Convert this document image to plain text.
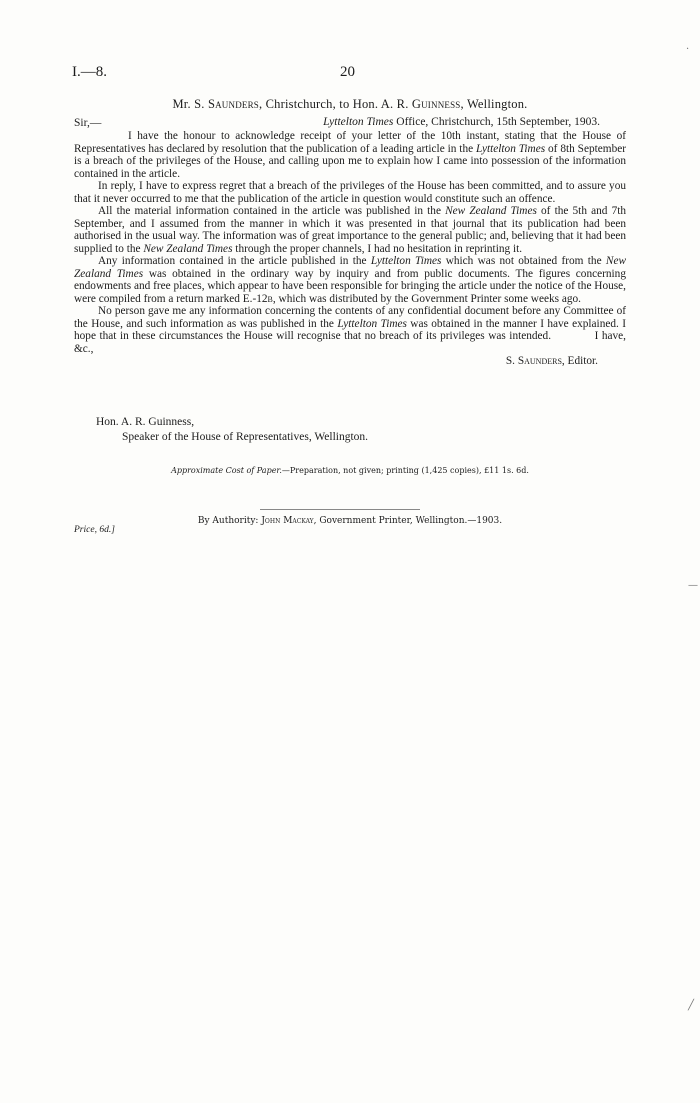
I.—8.	20
Mr. S. Saunders, Christchurch, to Hon. A. R. Guinness, Wellington.
Sir,—	Lyttelton Times Office, Christchurch, 15th September, 1903.

I have the honour to acknowledge receipt of your letter of the 10th instant, stating that the House of Representatives has declared by resolution that the publication of a leading article in the Lyttelton Times of 8th September is a breach of the privileges of the House, and calling upon me to explain how I came into possession of the information contained in the article.

In reply, I have to express regret that a breach of the privileges of the House has been committed, and to assure you that it never occurred to me that the publication of the article in question would constitute such an offence.

All the material information contained in the article was published in the New Zealand Times of the 5th and 7th September, and I assumed from the manner in which it was presented in that journal that its publication had been authorised in the usual way. The information was of great importance to the general public; and, believing that it had been supplied to the New Zealand Times through the proper channels, I had no hesitation in reprinting it.

Any information contained in the article published in the Lyttelton Times which was not obtained from the New Zealand Times was obtained in the ordinary way by inquiry and from public documents. The figures concerning endowments and free places, which appear to have been responsible for bringing the article under the notice of the House, were compiled from a return marked E.-12b, which was distributed by the Government Printer some weeks ago.

No person gave me any information concerning the contents of any confidential document before any Committee of the House, and such information as was published in the Lyttelton Times was obtained in the manner I have explained. I hope that in these circumstances the House will recognise that no breach of its privileges was intended.	I have, &c.,

S. Saunders, Editor.
Hon. A. R. Guinness,
Speaker of the House of Representatives, Wellington.
Approximate Cost of Paper.—Preparation, not given; printing (1,425 copies), £11 1s. 6d.
By Authority: John Mackay, Government Printer, Wellington.—1903.
Price, 6d.]
·
—
╱
